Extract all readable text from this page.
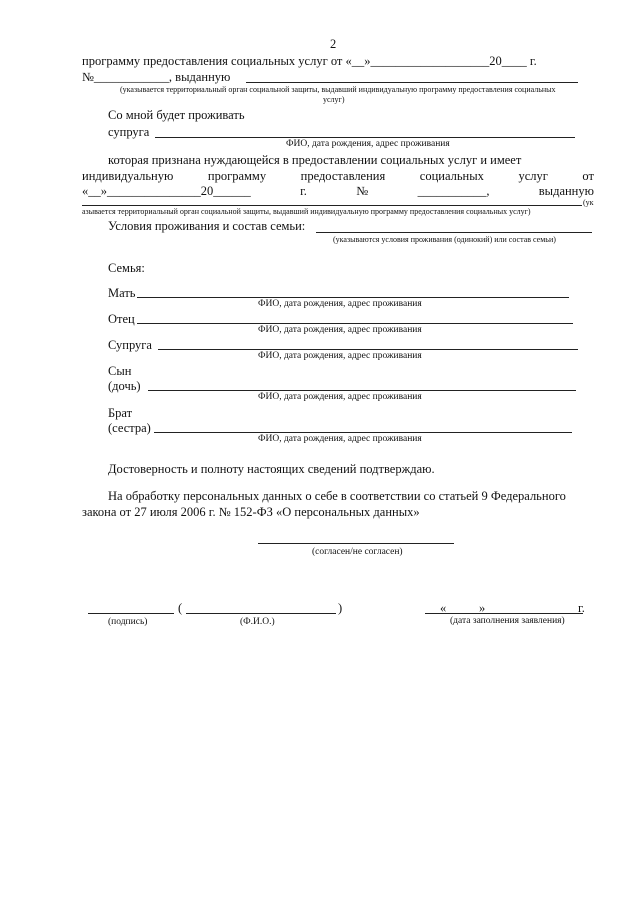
2
программу предоставления социальных услуг от «__»___________________20____ г.
№____________, выданную
(указывается территориальный орган социальной защиты, выдавший индивидуальную программу предоставления социальных
услуг)
Со мной будет проживать
супруга
ФИО, дата рождения, адрес проживания
которая признана нуждающейся в предоставлении социальных услуг и имеет
индивидуальную	программу	предоставления	социальных	услуг	от
«__»_______________20______	г.	№	___________,	выданную
(ук
азывается территориальный орган социальной защиты, выдавший индивидуальную программу предоставления социальных услуг)
Условия проживания и состав семьи:
(указываются условия проживания (одинокий) или состав семьи)
Семья:
Мать
ФИО, дата рождения, адрес проживания
Отец
ФИО, дата рождения, адрес проживания
Супруга
ФИО, дата рождения, адрес проживания
Сын
(дочь)
ФИО, дата рождения, адрес проживания
Брат
(сестра)
ФИО, дата рождения, адрес проживания
Достоверность и полноту настоящих сведений подтверждаю.
На обработку персональных данных о себе в соответствии со статьей 9 Федерального
закона от 27 июля 2006 г. № 152-ФЗ «О персональных данных»
(согласен/не согласен)
(	)	«	»	г.
(подпись)	(Ф.И.О.)	(дата заполнения заявления)
